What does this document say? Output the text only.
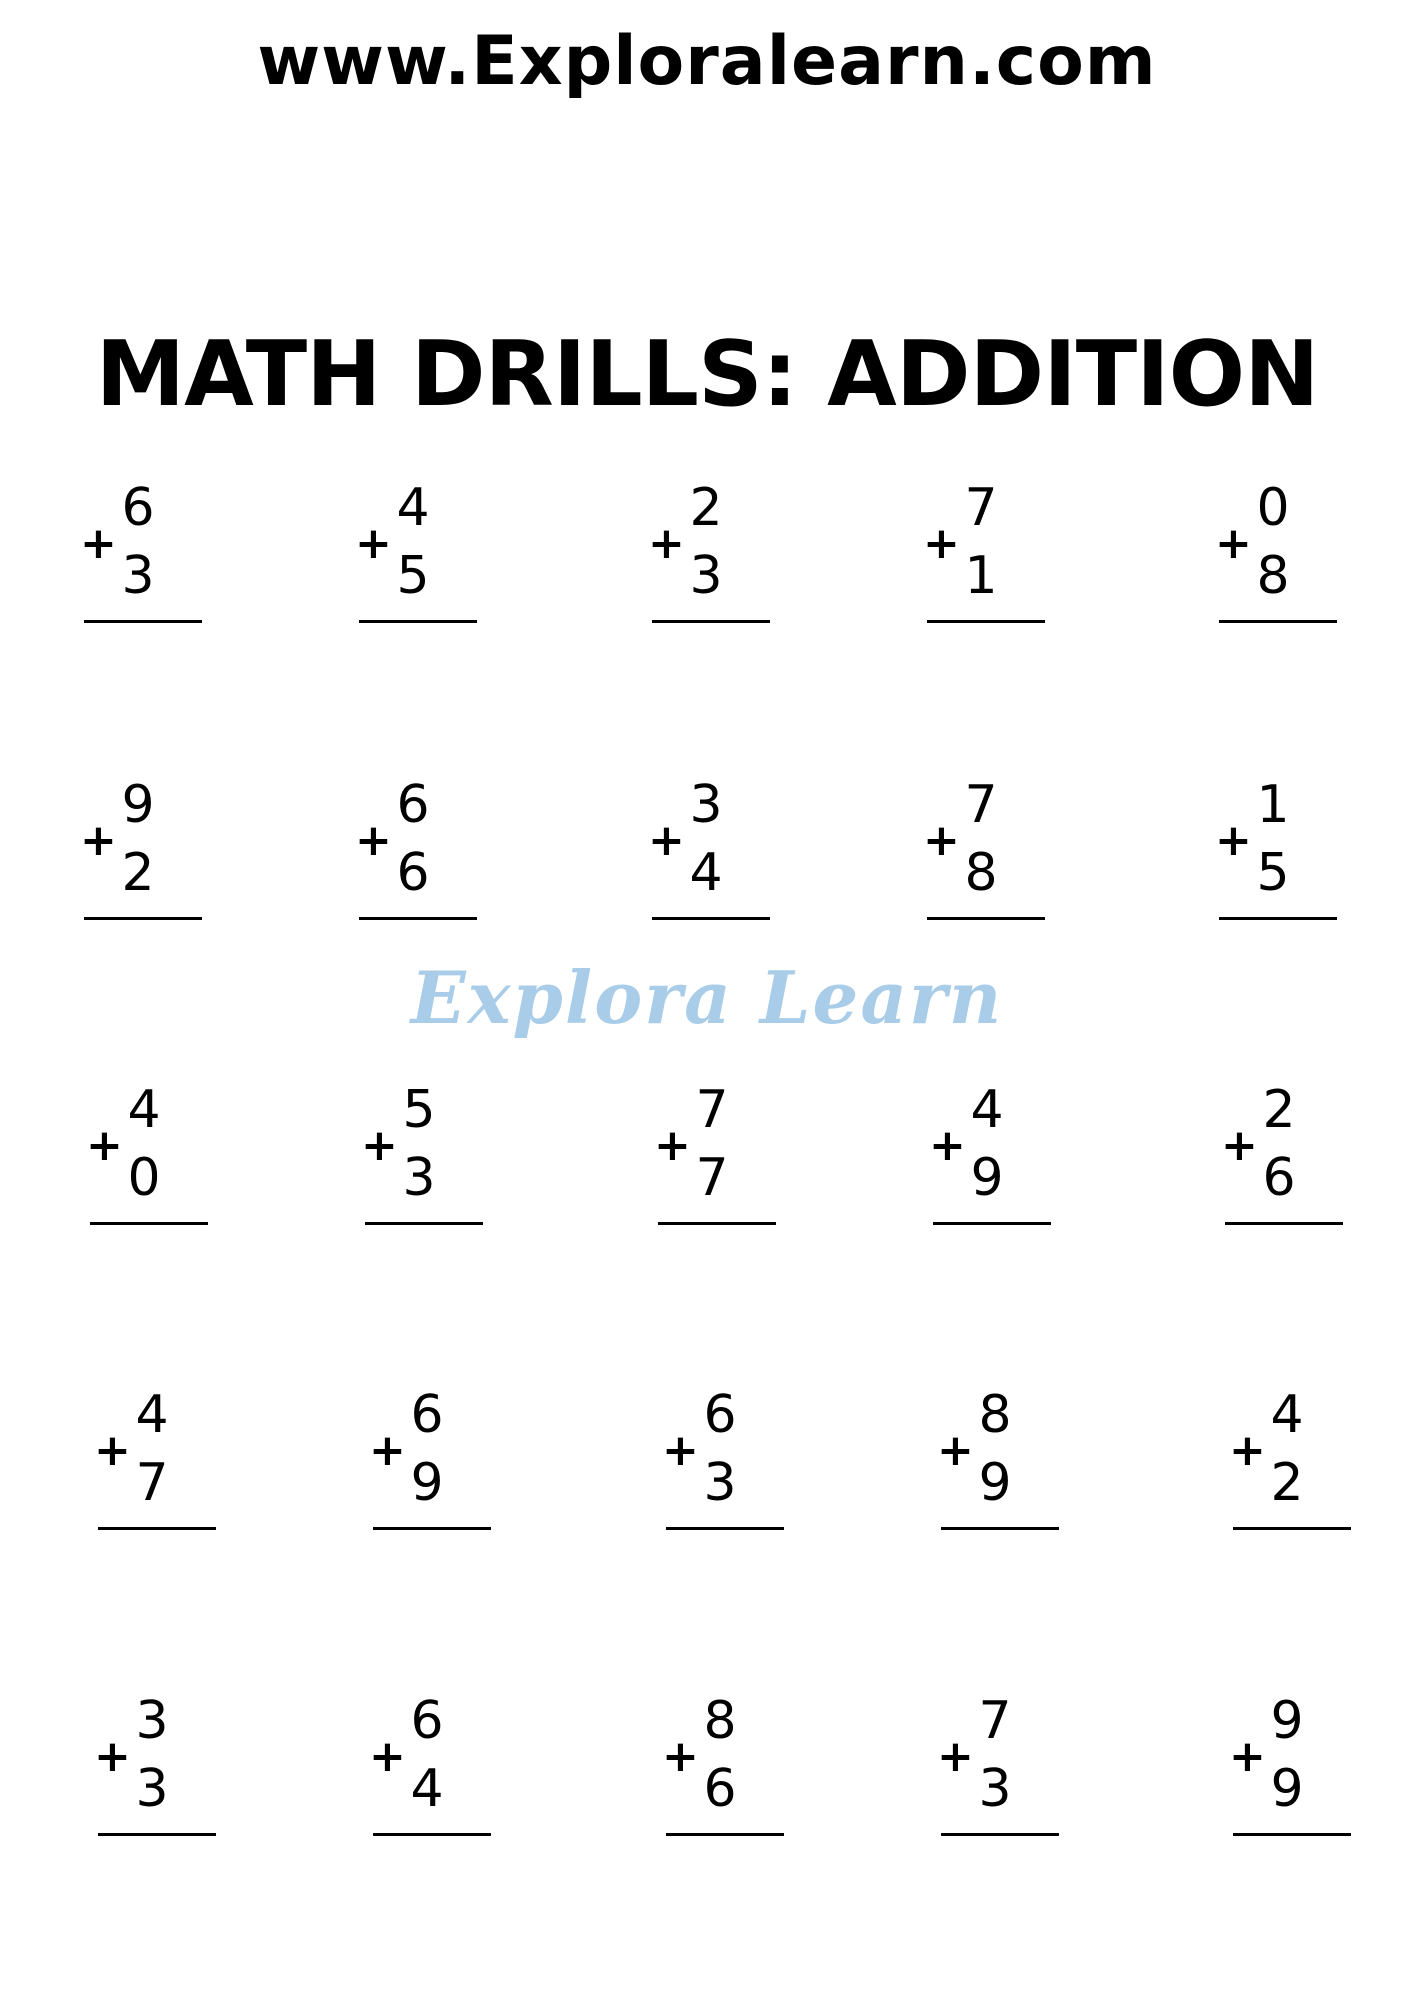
www.Exploralearn.com
MATH DRILLS: ADDITION
Explora Learn
+
6
3
+
4
5
+
2
3
+
7
1
+
0
8
+
9
2
+
6
6
+
3
4
+
7
8
+
1
5
+
4
0
+
5
3
+
7
7
+
4
9
+
2
6
+
4
7
+
6
9
+
6
3
+
8
9
+
4
2
+
3
3
+
6
4
+
8
6
+
7
3
+
9
9
